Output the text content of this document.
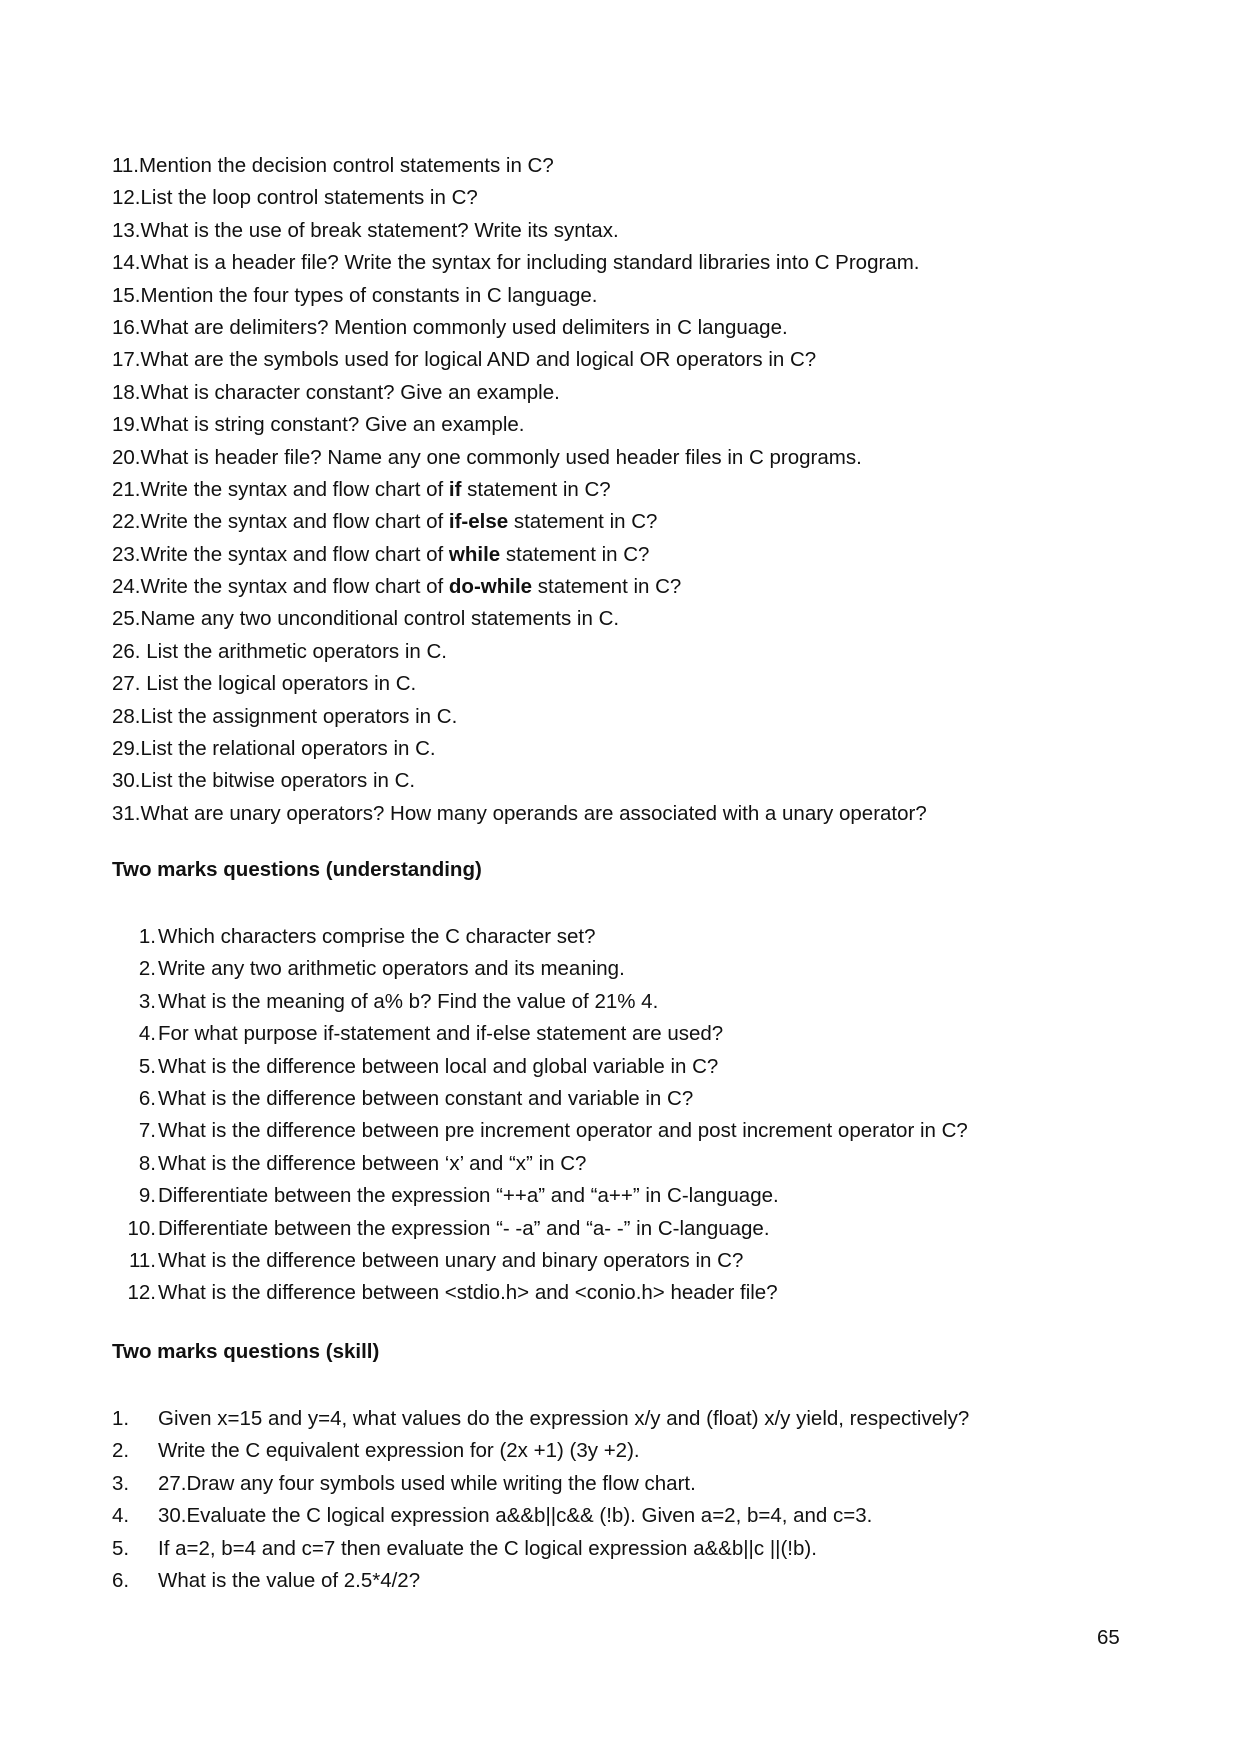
11.Mention the decision control statements in C?
12.List the loop control statements in C?
13.What is the use of break statement? Write its syntax.
14.What is a header file? Write the syntax for including standard libraries into C Program.
15.Mention the four types of constants in C language.
16.What are delimiters? Mention commonly used delimiters in C language.
17.What are the symbols used for logical AND and logical OR operators in C?
18.What is character constant? Give an example.
19.What is string constant? Give an example.
20.What is header file? Name any one commonly used header files in C programs.
21.Write the syntax and flow chart of if statement in C?
22.Write the syntax and flow chart of if-else statement in C?
23.Write the syntax and flow chart of while statement in C?
24.Write the syntax and flow chart of do-while statement in C?
25.Name any two unconditional control statements in C.
26. List the arithmetic operators in C.
27. List the logical operators in C.
28.List the assignment operators in C.
29.List the relational operators in C.
30.List the bitwise operators in C.
31.What are unary operators? How many operands are associated with a unary operator?
Two marks questions (understanding)
1. Which characters comprise the C character set?
2. Write any two arithmetic operators and its meaning.
3. What is the meaning of a% b? Find the value of 21% 4.
4. For what purpose if-statement and if-else statement are used?
5. What is the difference between local and global variable in C?
6. What is the difference between constant and variable in C?
7. What is the difference between pre increment operator and post increment operator in C?
8. What is the difference between ‘x’ and “x” in C?
9. Differentiate between the expression “++a” and “a++” in C-language.
10. Differentiate between the expression “- -a” and “a- -” in C-language.
11. What is the difference between unary and binary operators in C?
12. What is the difference between <stdio.h> and <conio.h> header file?
Two marks questions (skill)
1. Given x=15 and y=4, what values do the expression x/y and (float) x/y yield, respectively?
2. Write the C equivalent expression for (2x +1) (3y +2).
3. 27.Draw any four symbols used while writing the flow chart.
4. 30.Evaluate the C logical expression a&&b||c&& (!b). Given a=2, b=4, and c=3.
5. If a=2, b=4 and c=7 then evaluate the C logical expression a&&b||c ||(!b).
6. What is the value of 2.5*4/2?
65
